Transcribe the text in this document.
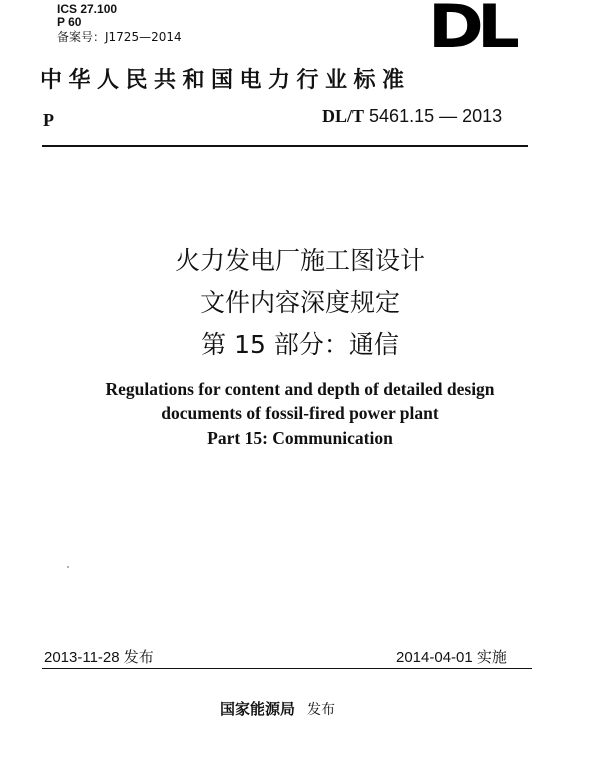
ICS 27.100
P 60
备案号：J1725—2014	DL
中华人民共和国电力行业标准
P	DL/T 5461.15 — 2013
火力发电厂施工图设计
文件内容深度规定
第 15 部分：通信
Regulations for content and depth of detailed design
documents of fossil-fired power plant
Part 15: Communication
2013-11-28 发布	2014-04-01 实施
国家能源局 发布
